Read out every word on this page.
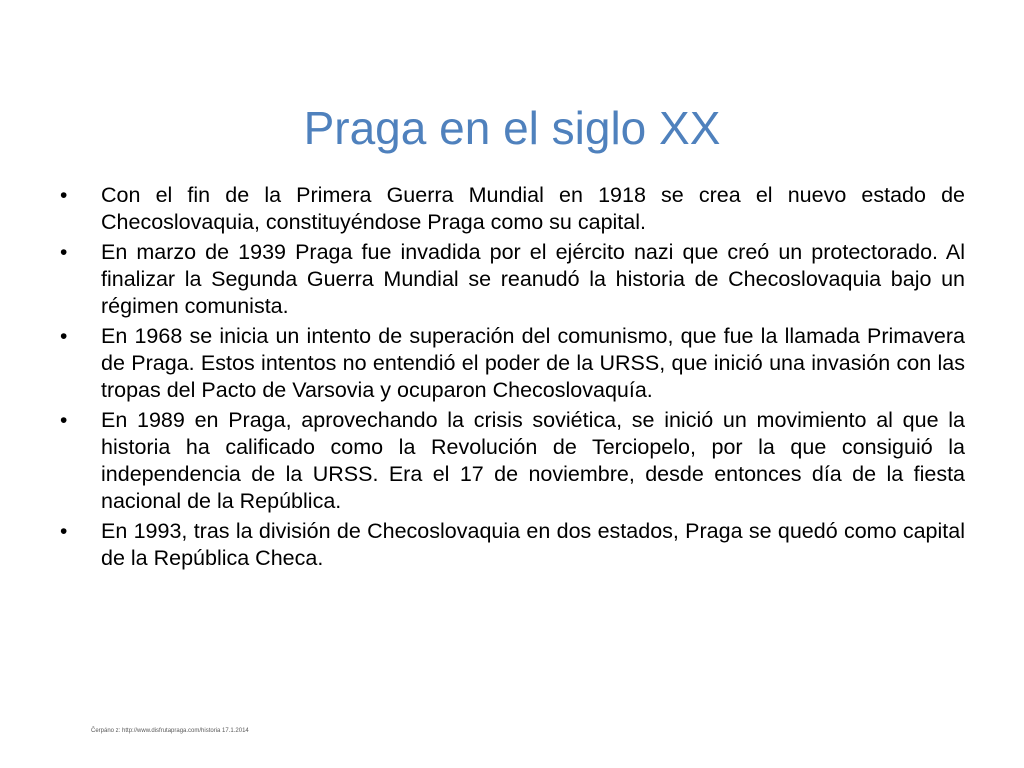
Praga en el siglo XX
•	Con el fin de la Primera Guerra Mundial en 1918 se crea el nuevo estado de Checoslovaquia, constituyéndose Praga como su capital.
•	En marzo de 1939 Praga fue invadida por el ejército nazi que creó un protectorado. Al finalizar la Segunda Guerra Mundial se reanudó la historia de Checoslovaquia bajo un régimen comunista.
•	En 1968 se inicia un intento de superación del comunismo, que fue la llamada Primavera de Praga. Estos intentos no entendió el poder de la URSS, que inició una invasión con las tropas del Pacto de Varsovia y ocuparon Checoslovaquía.
•	En 1989 en Praga, aprovechando la crisis soviética, se inició un movimiento al que la historia ha calificado como la Revolución de Terciopelo, por la que consiguió la independencia de la URSS. Era el 17 de noviembre, desde entonces día de la fiesta nacional de la República.
•	En 1993, tras la división de Checoslovaquia en dos estados, Praga se quedó como capital de la República Checa.
Čerpáno z: http://www.disfrutapraga.com/historia 17.1.2014
